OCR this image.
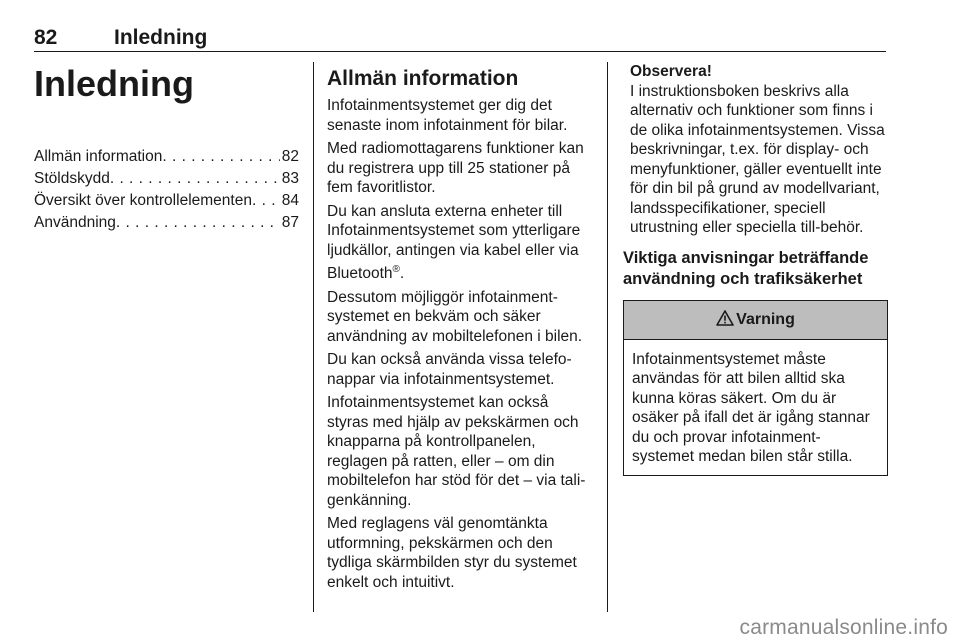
82	Inledning
Inledning
Allmän information . . .	82
Stöldskydd . . .	83
Översikt över kontrollelementen . . . 84
Användning . . .	87
Allmän information

Infotainmentsystemet ger dig det senaste inom infotainment för bilar.

Med radiomottagarens funktioner kan du registrera upp till 25 stationer på fem favoritlistor.

Du kan ansluta externa enheter till Infotainmentsystemet som ytterligare ljudkällor, antingen via kabel eller via Bluetooth®.

Dessutom möjliggör infotainment-systemet en bekväm och säker användning av mobiltelefonen i bilen.

Du kan också använda vissa telefo-nappar via infotainmentsystemet.

Infotainmentsystemet kan också styras med hjälp av pekskärmen och knapparna på kontrollpanelen, reglagen på ratten, eller – om din mobiltelefon har stöd för det – via tali-genkänning.

Med reglagens väl genomtänkta utformning, pekskärmen och den tydliga skärmbilden styr du systemet enkelt och intuitivt.

Observera!

I instruktionsboken beskrivs alla alternativ och funktioner som finns i de olika infotainmentsystemen. Vissa beskrivningar, t.ex. för display- och menyfunktioner, gäller eventuellt inte för din bil på grund av modellvariant, landsspecifikationer, speciell utrustning eller speciella till-behör.

Viktiga anvisningar beträffande användning och trafiksäkerhet
Varning

Infotainmentsystemet måste användas för att bilen alltid ska kunna köras säkert. Om du är osäker på ifall det är igång stannar du och provar infotainment-systemet medan bilen står stilla.

carmanualsonline.info
